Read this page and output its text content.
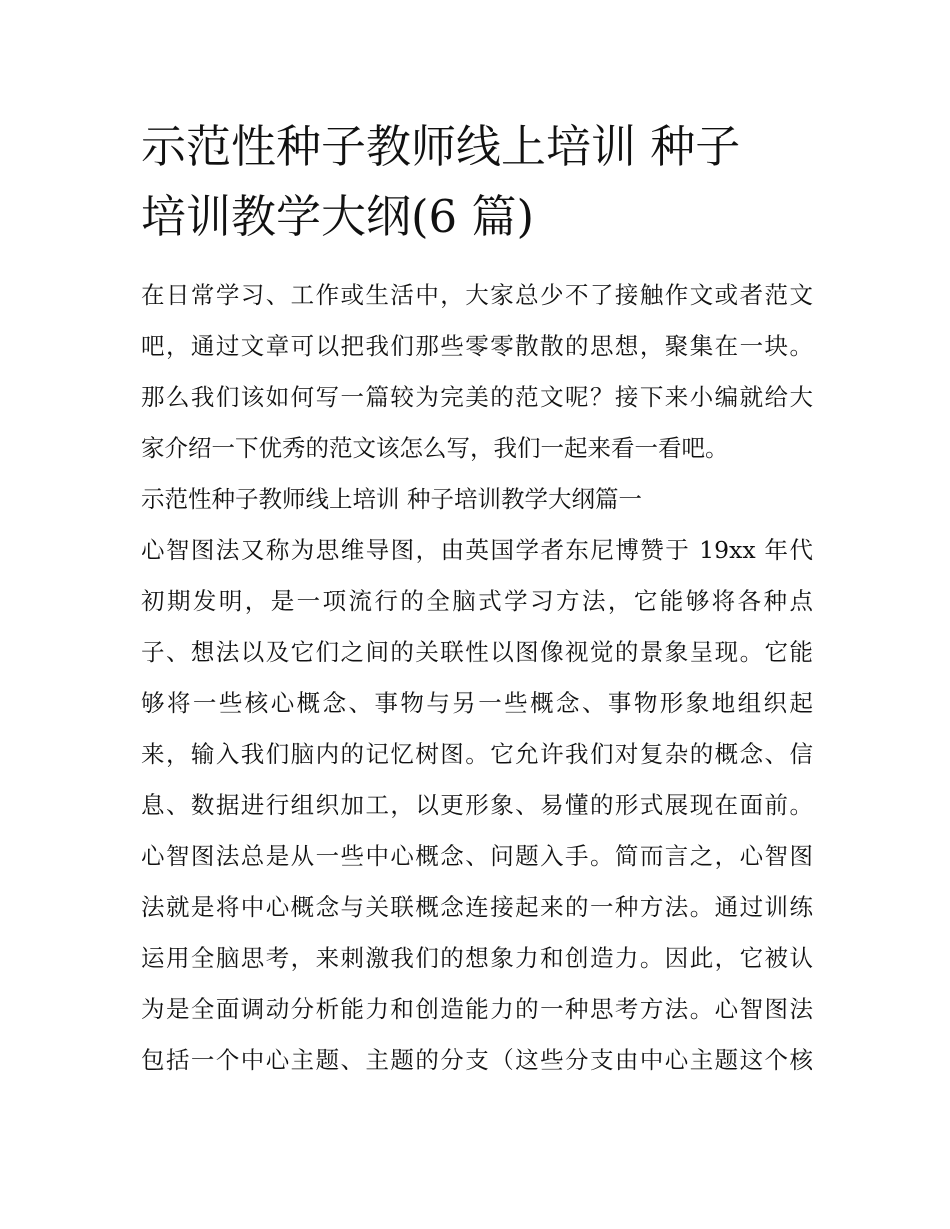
示范性种子教师线上培训 种子
培训教学大纲(6 篇)
在日常学习、工作或生活中，大家总少不了接触作文或者范文
吧，通过文章可以把我们那些零零散散的思想，聚集在一块。
那么我们该如何写一篇较为完美的范文呢？接下来小编就给大
家介绍一下优秀的范文该怎么写，我们一起来看一看吧。
示范性种子教师线上培训 种子培训教学大纲篇一
心智图法又称为思维导图，由英国学者东尼博赞于 19xx 年代
初期发明，是一项流行的全脑式学习方法，它能够将各种点
子、想法以及它们之间的关联性以图像视觉的景象呈现。它能
够将一些核心概念、事物与另一些概念、事物形象地组织起
来，输入我们脑内的记忆树图。它允许我们对复杂的概念、信
息、数据进行组织加工，以更形象、易懂的形式展现在面前。
心智图法总是从一些中心概念、问题入手。简而言之，心智图
法就是将中心概念与关联概念连接起来的一种方法。通过训练
运用全脑思考，来刺激我们的想象力和创造力。因此，它被认
为是全面调动分析能力和创造能力的一种思考方法。心智图法
包括一个中心主题、主题的分支（这些分支由中心主题这个核
